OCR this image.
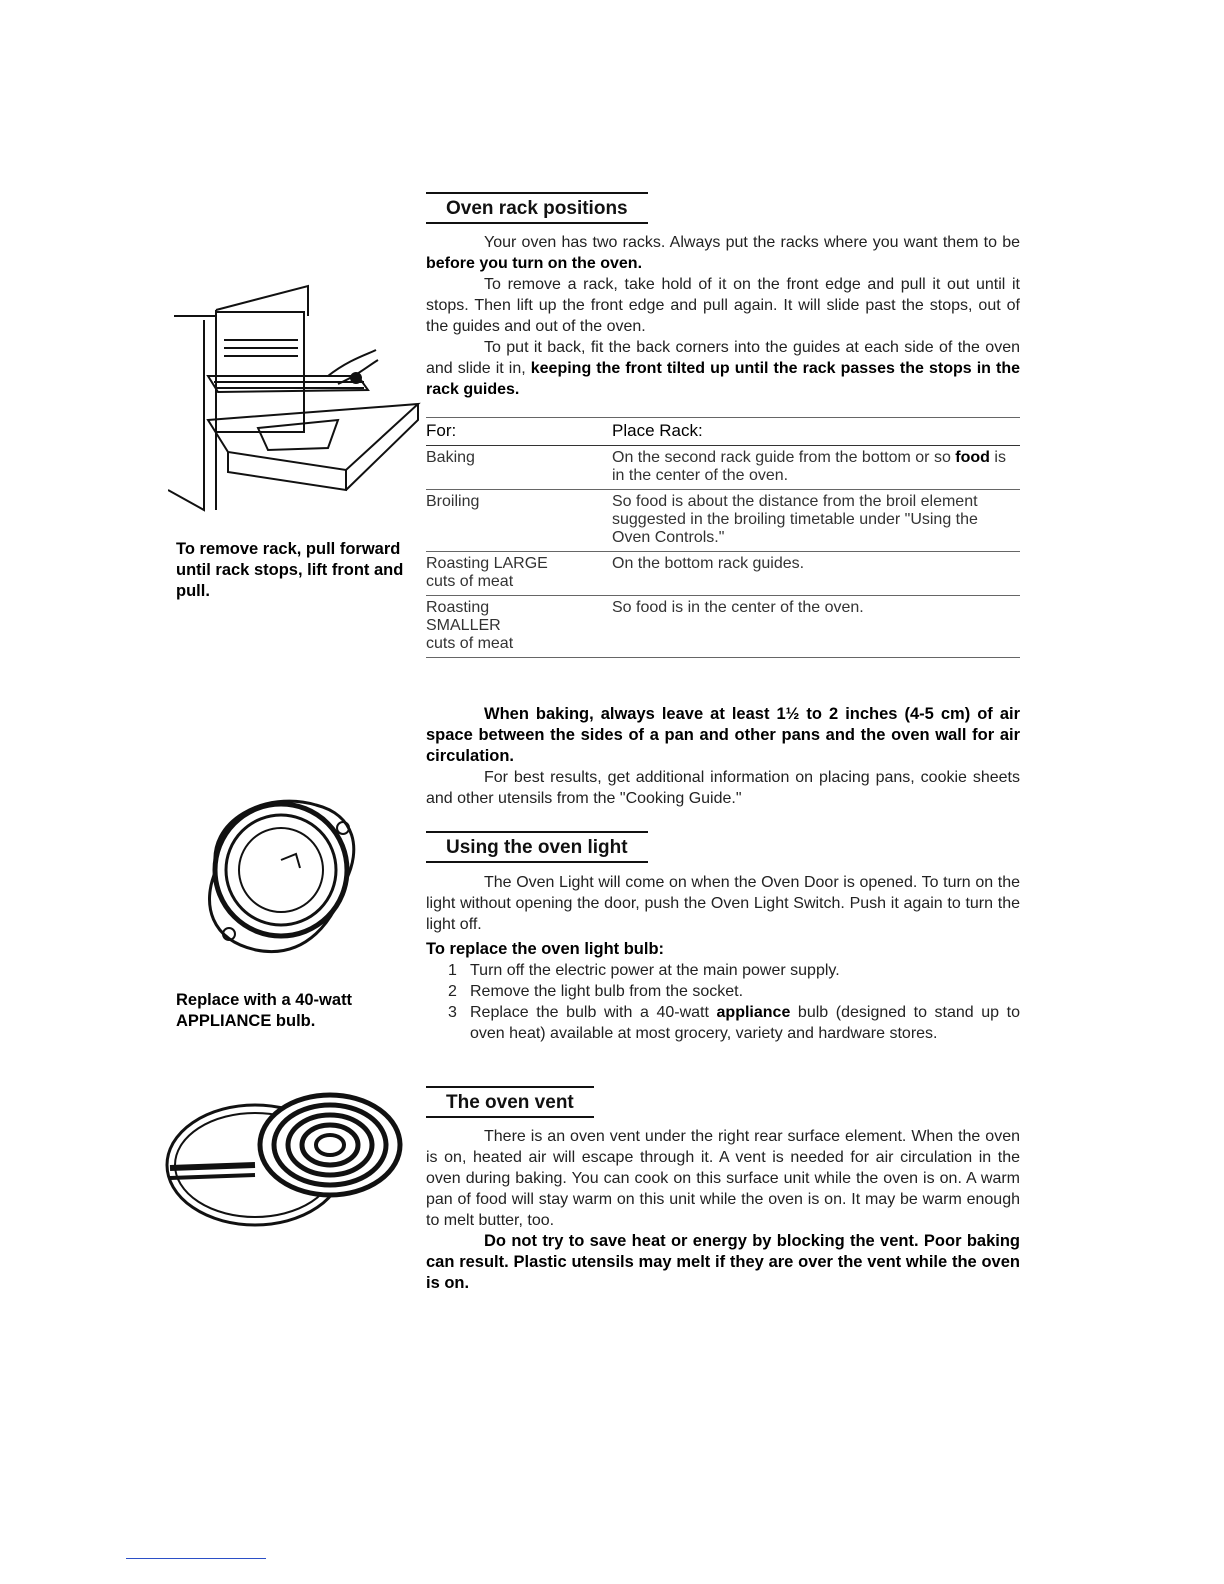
To remove rack, pull forward until rack stops, lift front and pull.
Replace with a 40-watt APPLIANCE bulb.
Oven rack positions
Your oven has two racks. Always put the racks where you want them to be before you turn on the oven.
To remove a rack, take hold of it on the front edge and pull it out until it stops. Then lift up the front edge and pull again. It will slide past the stops, out of the guides and out of the oven.
To put it back, fit the back corners into the guides at each side of the oven and slide it in, keeping the front tilted up until the rack passes the stops in the rack guides.
For:	Place Rack:
Baking	On the second rack guide from the bottom or so food is in the center of the oven.
Broiling	So food is about the distance from the broil element suggested in the broiling timetable under "Using the Oven Controls."
Roasting LARGE cuts of meat	On the bottom rack guides.
Roasting SMALLER cuts of meat	So food is in the center of the oven.
When baking, always leave at least 1½ to 2 inches (4-5 cm) of air space between the sides of a pan and other pans and the oven wall for air circulation.
For best results, get additional information on placing pans, cookie sheets and other utensils from the "Cooking Guide."
Using the oven light
The Oven Light will come on when the Oven Door is opened. To turn on the light without opening the door, push the Oven Light Switch. Push it again to turn the light off.
To replace the oven light bulb:
1 Turn off the electric power at the main power supply.
2 Remove the light bulb from the socket.
3 Replace the bulb with a 40-watt appliance bulb (designed to stand up to oven heat) available at most grocery, variety and hardware stores.
The oven vent
There is an oven vent under the right rear surface element. When the oven is on, heated air will escape through it. A vent is needed for air circulation in the oven during baking. You can cook on this surface unit while the oven is on. A warm pan of food will stay warm on this unit while the oven is on. It may be warm enough to melt butter, too.
Do not try to save heat or energy by blocking the vent. Poor baking can result. Plastic utensils may melt if they are over the vent while the oven is on.
